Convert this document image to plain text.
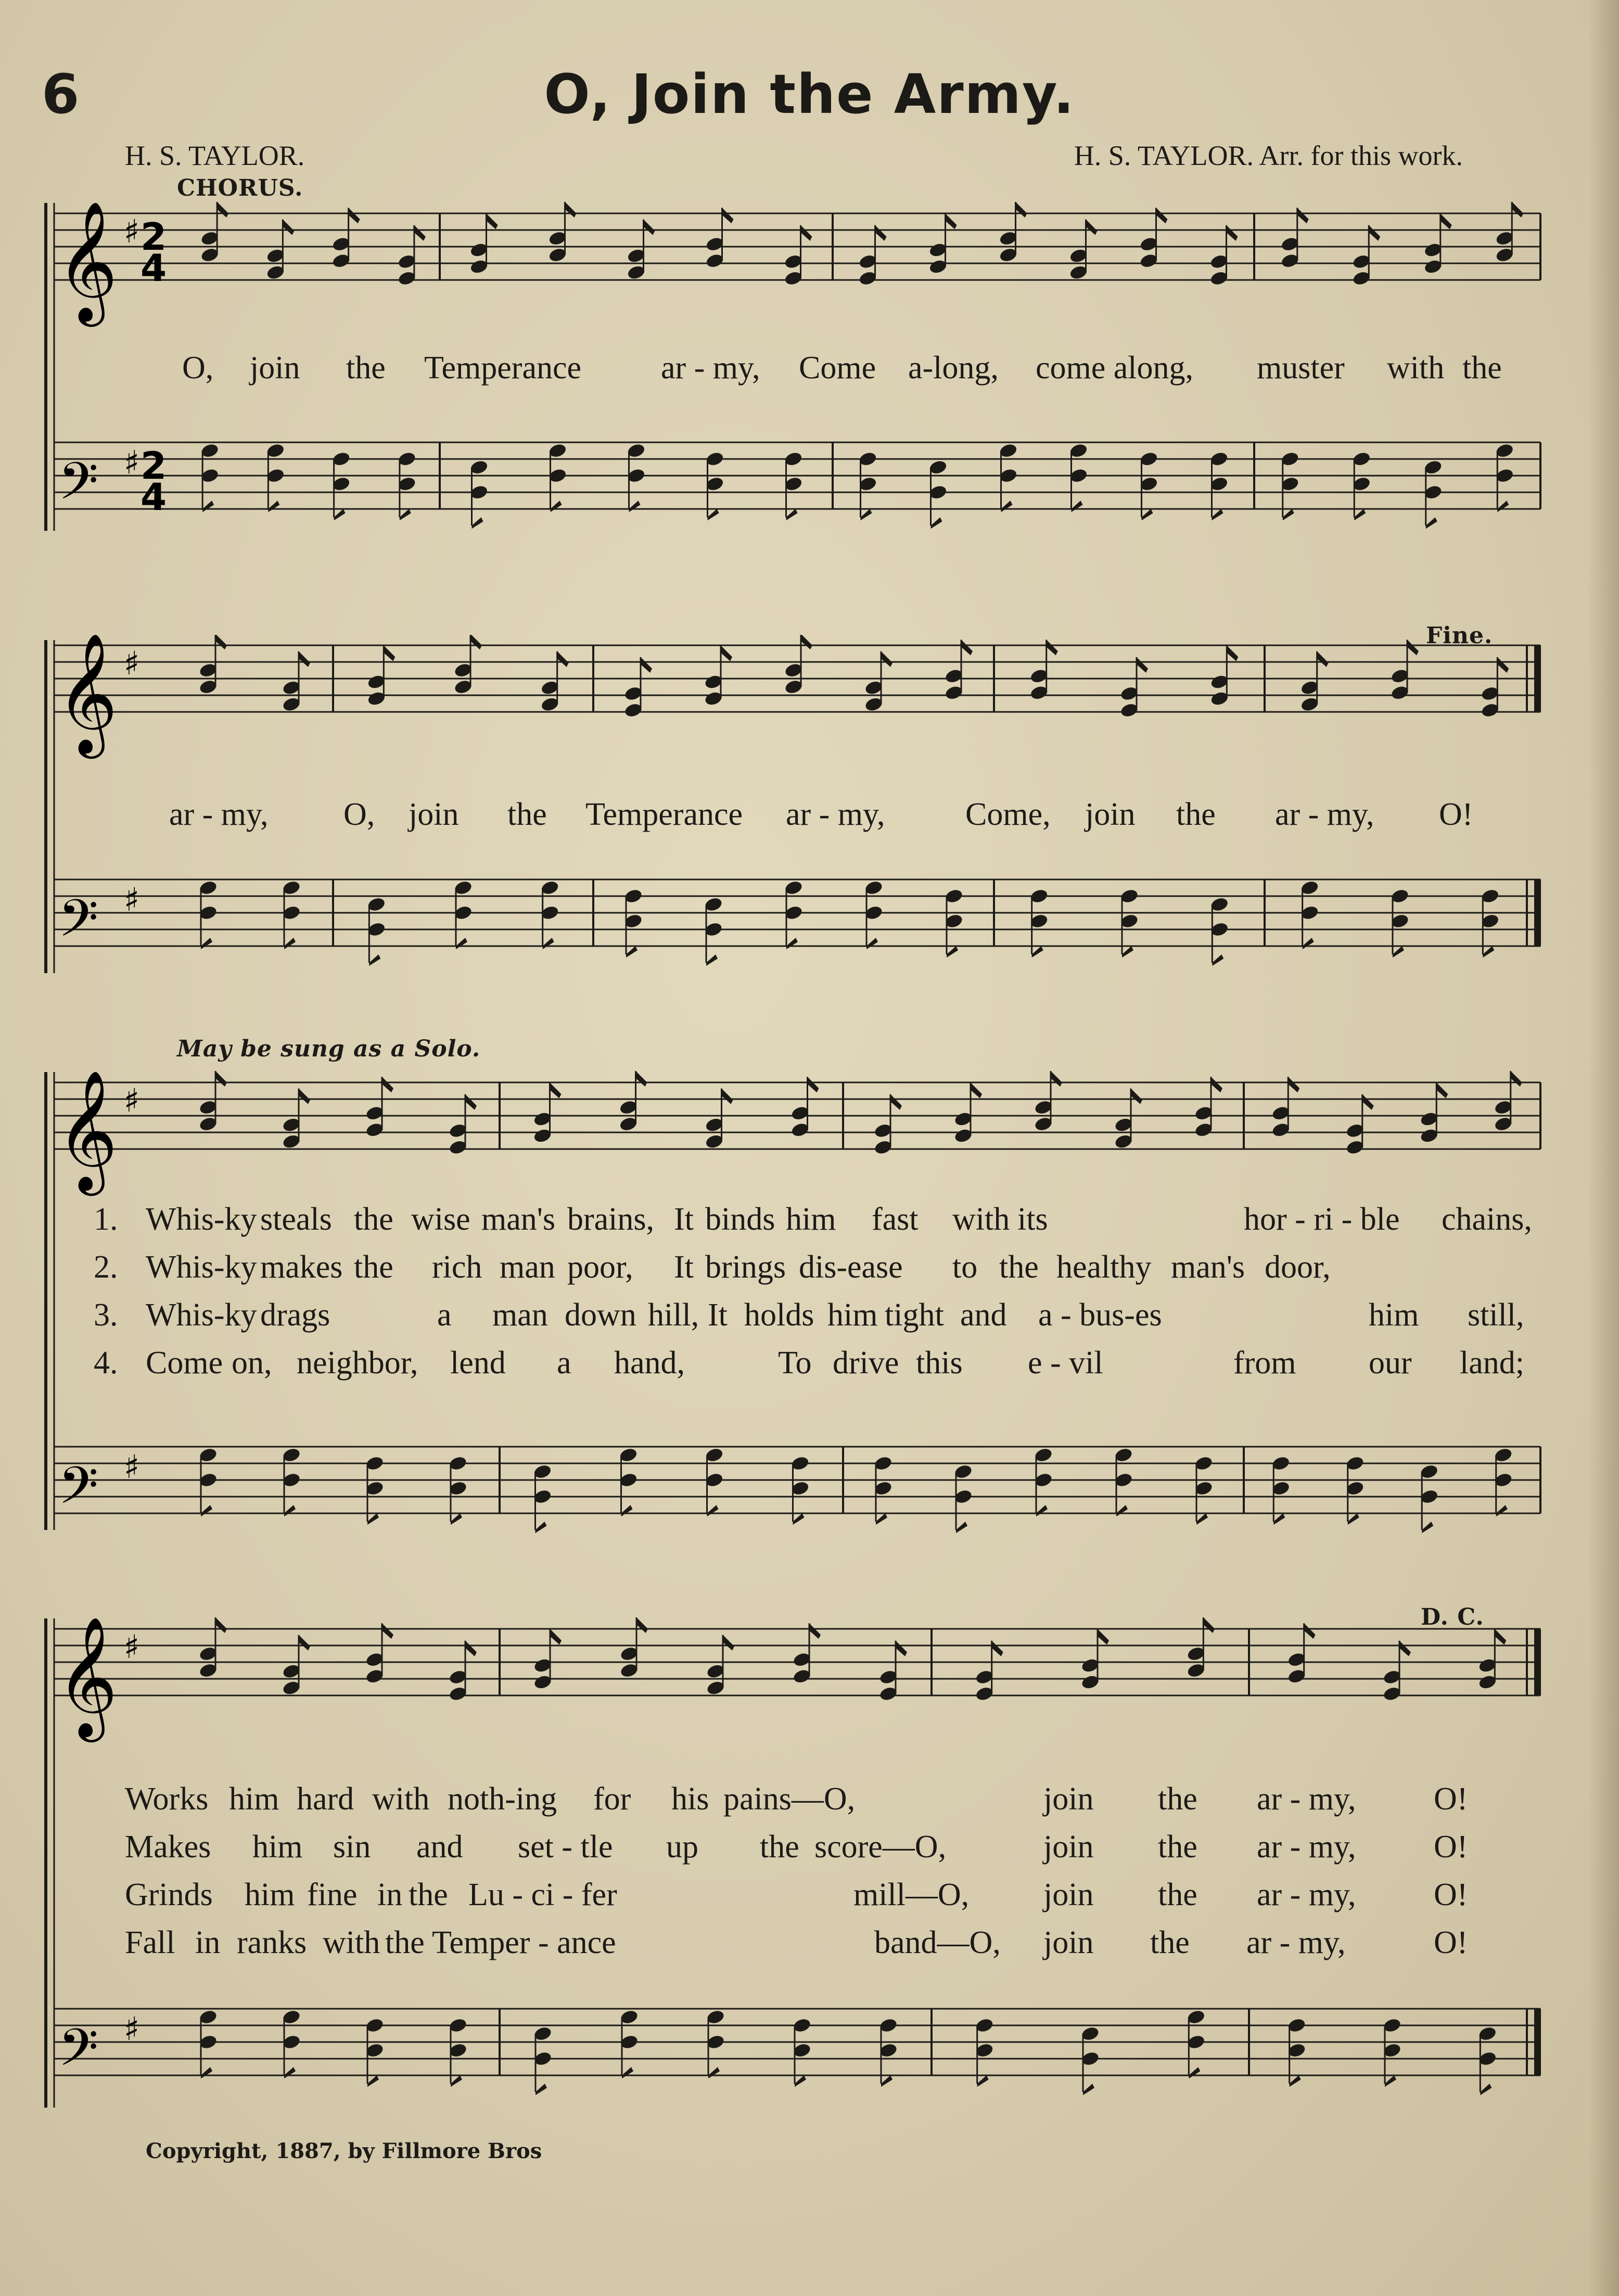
6	O, Join the Army.
H. S. TAYLOR.	H. S. TAYLOR. Arr. for this work.
CHORUS.
Fine.
May be sung as a Solo.
D. C.
𝄞
𝄢
♯
♯
2
4
2
4
O, join the Temperance ar - my, Come a-long, come along, muster with the
𝄞
𝄢
♯
♯
ar - my, O, join the Temperance ar - my, Come, join the ar - my, O!
𝄞
𝄢
♯
♯
1. Whis-ky steals the wise man's brains, It binds him fast with its	hor - ri - ble chains,
2. Whis-ky makes the rich man poor, It brings dis-ease to the healthy man's door,
3. Whis-ky drags	a man down hill, It holds him tight and a - bus-es	him still,
4. Come on, neighbor, lend a hand,	To drive this e - vil	from our land;
𝄞
𝄢
♯
♯
Works him hard with noth-ing for his pains—O,	join the ar - my, O!
Makes him sin and set - tle up the score—O,	join the ar - my, O!
Grinds him fine in the Lu - ci - fer	mill—O, join the ar - my, O!
Fall in ranks with the Temper - ance	band—O, join the ar - my,	O!
Copyright, 1887, by Fillmore Bros
